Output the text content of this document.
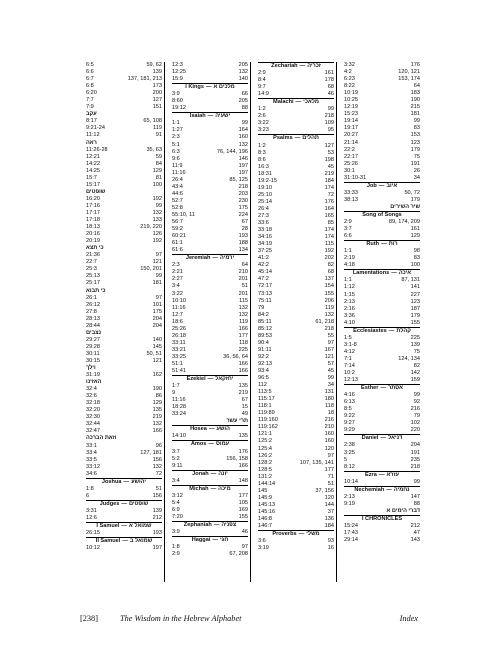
6:5	59, 62
6:6	139
6:7	137, 181, 213
6:8	173
6:20	200
7:7	127
7:9	151
עקב
8:17	65, 108
9:21-24	119
11:12	91
ראה
11:26-28	35, 63
12:21	59
14:22	84
14:25	129
15:7	81
15:17	100
שופטים
16:20	192
17:16	99
17:17	132
17:18	133
18:13	219, 220
20:16	126
20:19	192
כי תצא
21:36	97
22:7	121
25:3	150, 201
25:13	99
25:17	181
כי תבוא
26:1	97
26:12	101
27:8	175
28:13	204
28:44	204
נצבים
29:27	140
29:28	145
30:11	50, 51
30:15	121
וילך
31:19	162
האזינו
32:4	190
32:6	86
32:18	129
32:20	135
32:30	219
32:44	132
32:47	166
וזאת הברכה
33:1	96
33:4	127, 181
33:5	156
33:12	132
34:6	72
Joshua — יהושע
1:8	51
6	156
Judges — שופטים
3:31	139
12:6	212
I Samuel — שמואל א
26:15	193
II Samuel — שמואל ב
10:12	197
12:3	205
12:25	132
15:9	140
I Kings — מלכים א
3:9	66
8:60	205
19:12	88
Isaiah — ישעיה
1:1	99
1:27	164
2:3	160
5:1	132
6:3	76, 144, 196
9:6	146
11:9	197
11:16	197
26:4	85, 125
43:4	218
44:6	203
52:7	230
52:8	175
55:10, 11	224
56:7	67
59:2	28
60:21	193
61:1	188
61:6	134
Jeremiah — ירמיה
2:3	64
2:21	210
2:27	201
3:4	51
3:22	201
10:10	115
11:16	132
12:7	132
18:6	119
25:26	166
26:18	177
33:11	118
33:21	225
33:25	36, 56, 64
51:1	166
51:41	166
Ezekiel — יחזקאל
1:7	135
9	219
11:16	67
18:28	15
33:24	49
תרי עשר
Hosea — הושע
14:10	135
Amos — עמוס
3:7	176
5:2	156, 158
9:11	166
Jonah — יונה
3:4	148
Michah — מיכה
3:12	177
5:4	105
6:9	169
7:20	155
Zephaniah — צפניה
3:9	46
Haggai — חגי
1:8	97
2:9	67, 208
Zechariah — זכריה
2:9	161
8:4	178
9:7	68
14:9	46
Malachi — מלאכי
1:2	99
2:6	218
3:22	109
3:23	95
Psalms — תהלים
1:2	127
8:3	53
8:6	198
16:3	45
18:31	219
19:2-15	184
19:10	174
25:10	72
25:14	176
26:4	164
27:3	165
33:6	85
33:18	174
34:16	174
34:19	115
37:25	192
41:2	202
42:2	82
45:14	68
47:2	137
72:17	154
73:13	155
75:11	206
79	119
84:2	132
85:11	61, 218
85:12	218
89:53	55
90:4	97
91:11	167
92:2	121
92:13	57
93:4	45
96:5	99
112	34
113:5	131
115:17	180
118:1	118
119:89	18
119:160	216
119:162	210
121:1	160
125:2	160
125:4	120
126:2	97
128:2	107, 135, 141
128:5	177
131:2	71
144:14	51
145	37, 156
145:9	120
145:13	144
145:16	37
146:8	136
146:7	184
Proverbs — משלי
3:6	93
3:19	16
3:32	176
4:2	120, 121
6:23	153, 174
8:22	64
10:19	183
10:25	190
12:19	215
15:23	181
19:14	99
19:17	83
20:27	153
21:14	123
22:2	179
22:17	75
25:26	191
30:1	26
31:10-31	34
Job — איוב
33:33	50, 72
38:13	179
שיר השירים
Song of Songs
2:9	89, 174, 209
3:7	161
6:6	129
Ruth — רות
1:1	98
2:19	83
4:18	100
Lamentations — איכה
1:1	87, 131
1:12	141
1:15	227
2:13	123
2:16	187
3:36	179
4:10	155
Ecclesiastes — קהלת
1:5	225
3:1-8	139
4:12	75
7:1	124, 134
7:14	82
10:2	142
12:13	159
Esther — אסתר
4:16	99
6:13	92
8:5	216
9:22	79
9:27	102
9:29	220
Daniel — דניאל
2:38	204
3:25	191
5	235
8:12	218
Ezra — עזרא
10:14	99
Nechemiah — נחמיה
2:13	147
9:19	88
דברי הימים א
I CHRONICLES
15:24	212
17:43	47
29:14	143
[238]	The Wisdom in the Hebrew Alphabet	Index
